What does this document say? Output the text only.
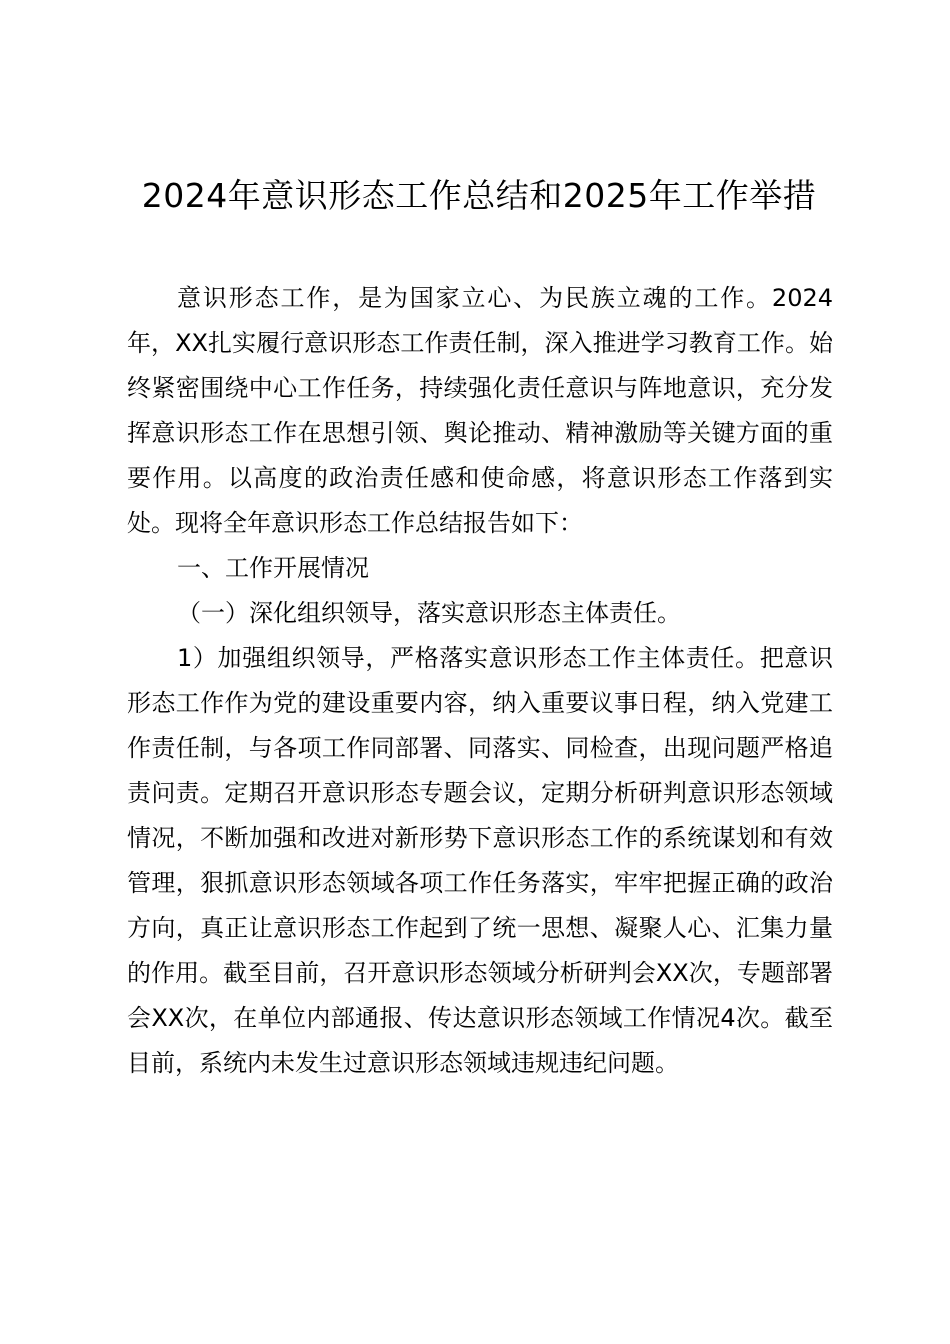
2024年意识形态工作总结和2025年工作举措

意识形态工作，是为国家立心、为民族立魂的工作。2024年，XX扎实履行意识形态工作责任制，深入推进学习教育工作。始终紧密围绕中心工作任务，持续强化责任意识与阵地意识，充分发挥意识形态工作在思想引领、舆论推动、精神激励等关键方面的重要作用。以高度的政治责任感和使命感，将意识形态工作落到实处。现将全年意识形态工作总结报告如下：

一、工作开展情况

（一）深化组织领导，落实意识形态主体责任。

1）加强组织领导，严格落实意识形态工作主体责任。把意识形态工作作为党的建设重要内容，纳入重要议事日程，纳入党建工作责任制，与各项工作同部署、同落实、同检查，出现问题严格追责问责。定期召开意识形态专题会议，定期分析研判意识形态领域情况，不断加强和改进对新形势下意识形态工作的系统谋划和有效管理，狠抓意识形态领域各项工作任务落实，牢牢把握正确的政治方向，真正让意识形态工作起到了统一思想、凝聚人心、汇集力量的作用。截至目前，召开意识形态领域分析研判会XX次，专题部署会XX次，在单位内部通报、传达意识形态领域工作情况4次。截至目前，系统内未发生过意识形态领域违规违纪问题。
